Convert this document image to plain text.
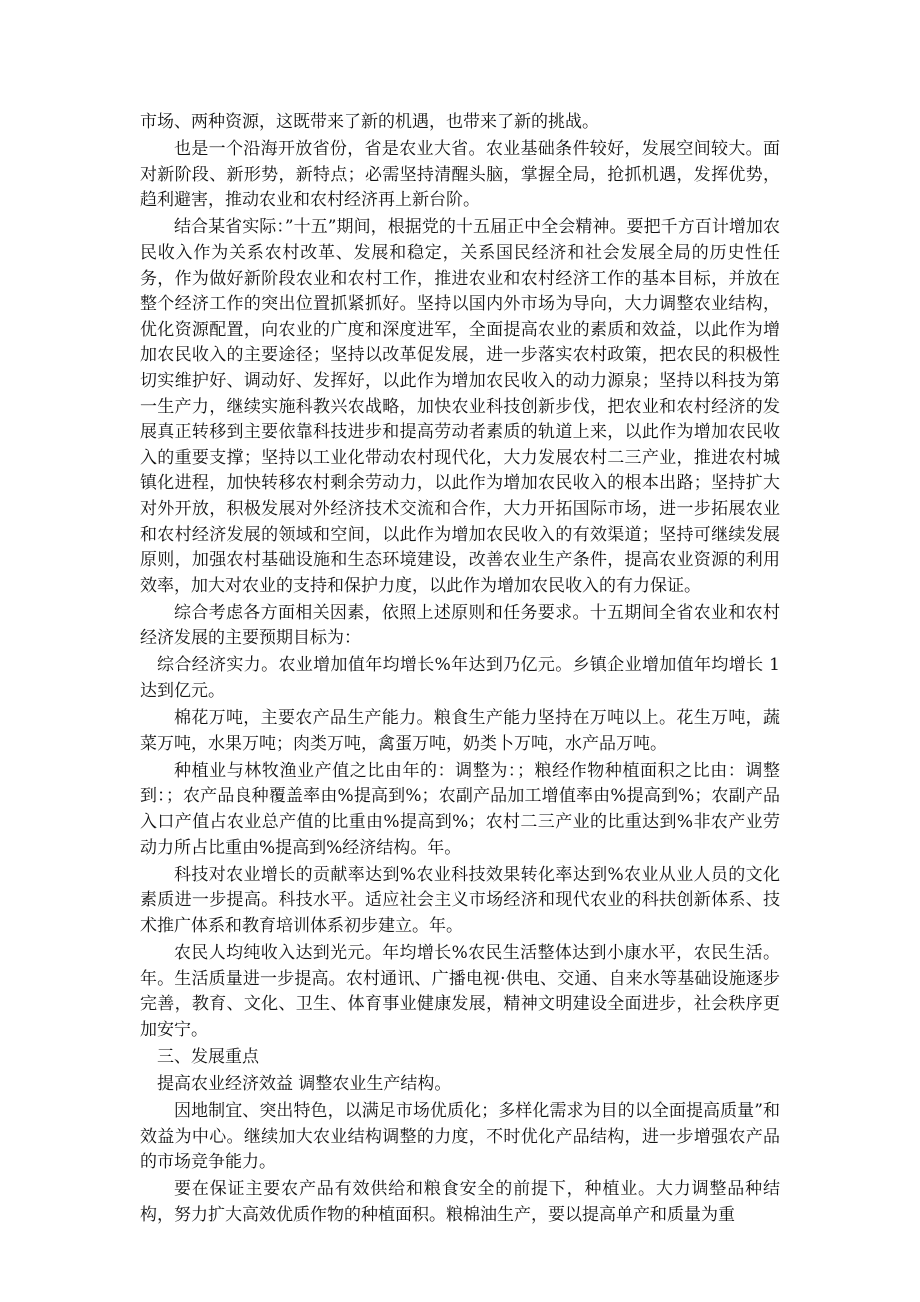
市场、两种资源，这既带来了新的机遇，也带来了新的挑战。

也是一个沿海开放省份，省是农业大省。农业基础条件较好，发展空间较大。面对新阶段、新形势，新特点；必需坚持清醒头脑，掌握全局，抢抓机遇，发挥优势，趋利避害，推动农业和农村经济再上新台阶。

结合某省实际：”十五”期间，根据党的十五届正中全会精神。要把千方百计增加农民收入作为关系农村改革、发展和稳定，关系国民经济和社会发展全局的历史性任务，作为做好新阶段农业和农村工作，推进农业和农村经济工作的基本目标，并放在整个经济工作的突出位置抓紧抓好。坚持以国内外市场为导向，大力调整农业结构，优化资源配置，向农业的广度和深度进军，全面提高农业的素质和效益，以此作为增加农民收入的主要途径；坚持以改革促发展，进一步落实农村政策，把农民的积极性切实维护好、调动好、发挥好，以此作为增加农民收入的动力源泉；坚持以科技为第一生产力，继续实施科教兴农战略，加快农业科技创新步伐，把农业和农村经济的发展真正转移到主要依靠科技进步和提高劳动者素质的轨道上来，以此作为增加农民收入的重要支撑；坚持以工业化带动农村现代化，大力发展农村二三产业，推进农村城镇化进程，加快转移农村剩余劳动力，以此作为增加农民收入的根本出路；坚持扩大对外开放，积极发展对外经济技术交流和合作，大力开拓国际市场，进一步拓展农业和农村经济发展的领域和空间，以此作为增加农民收入的有效渠道；坚持可继续发展原则，加强农村基础设施和生态环境建设，改善农业生产条件，提高农业资源的利用效率，加大对农业的支持和保护力度，以此作为增加农民收入的有力保证。

综合考虑各方面相关因素，依照上述原则和任务要求。十五期间全省农业和农村经济发展的主要预期目标为：

综合经济实力。农业增加值年均增长%年达到乃亿元。乡镇企业增加值年均增长 1 达到亿元。

棉花万吨，主要农产品生产能力。粮食生产能力坚持在万吨以上。花生万吨，蔬菜万吨，水果万吨；肉类万吨，禽蛋万吨，奶类卜万吨，水产品万吨。

种植业与林牧渔业产值之比由年的：调整为：；粮经作物种植面积之比由：调整到：；农产品良种覆盖率由%提高到%；农副产品加工增值率由%提高到%；农副产品入口产值占农业总产值的比重由%提高到%；农村二三产业的比重达到%非农产业劳动力所占比重由%提高到%经济结构。年。

科技对农业增长的贡献率达到%农业科技效果转化率达到%农业从业人员的文化素质进一步提高。科技水平。适应社会主义市场经济和现代农业的科扶创新体系、技术推广体系和教育培训体系初步建立。年。

农民人均纯收入达到光元。年均增长%农民生活整体达到小康水平，农民生活。年。生活质量进一步提高。农村通讯、广播电视·供电、交通、自来水等基础设施逐步完善，教育、文化、卫生、体育事业健康发展，精神文明建设全面进步，社会秩序更加安宁。

三、发展重点

提高农业经济效益 调整农业生产结构。

因地制宜、突出特色，以满足市场优质化；多样化需求为目的以全面提高质量”和效益为中心。继续加大农业结构调整的力度，不时优化产品结构，进一步增强农产品的市场竞争能力。

要在保证主要农产品有效供给和粮食安全的前提下，种植业。大力调整品种结构，努力扩大高效优质作物的种植面积。粮棉油生产，要以提高单产和质量为重
